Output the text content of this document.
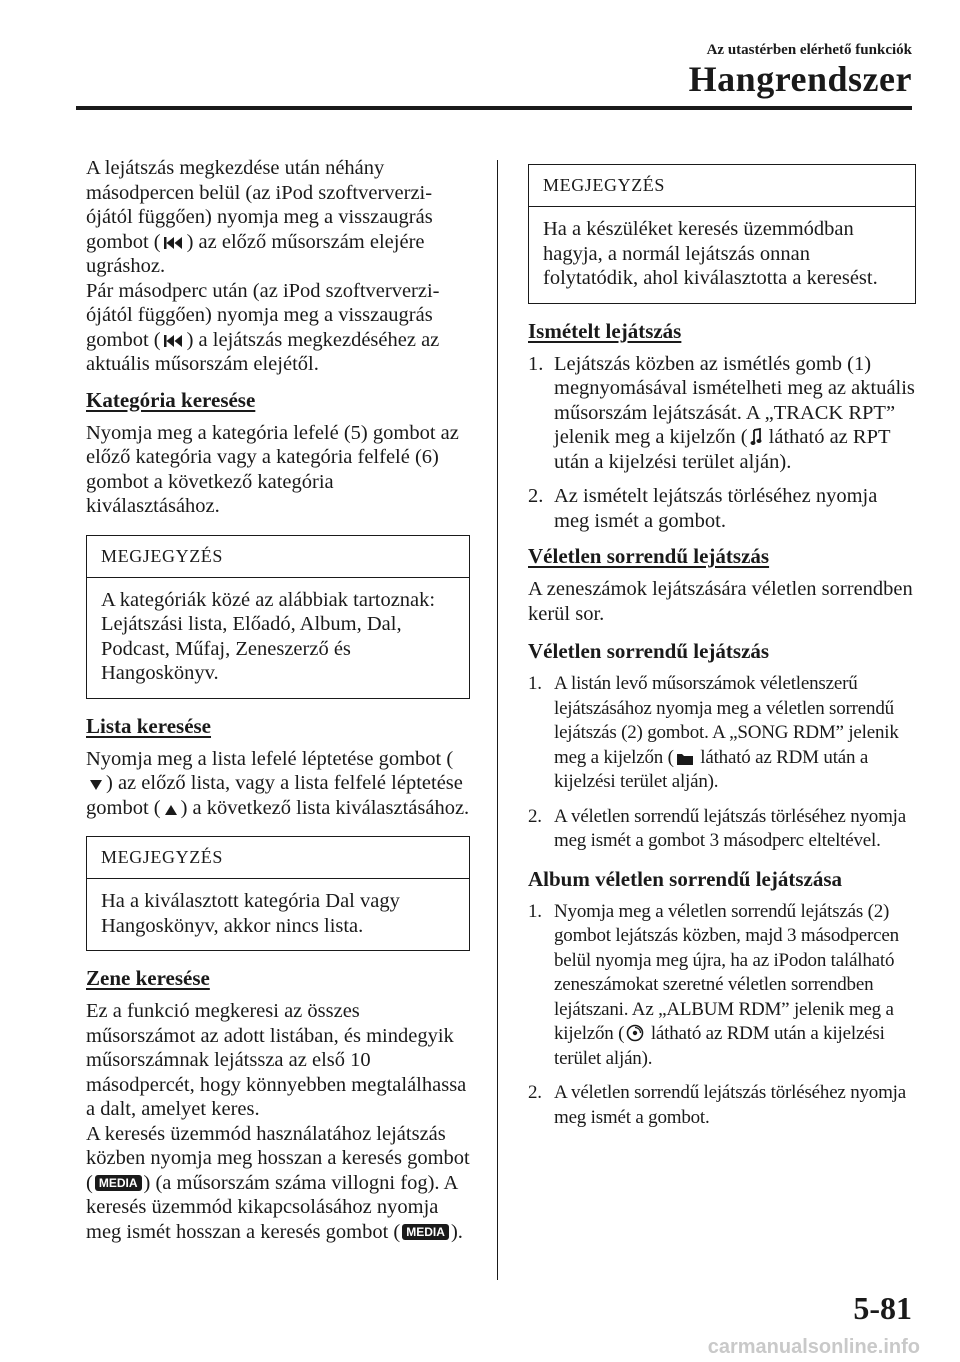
Az utastérben elérhető funkciók
Hangrendszer

A lejátszás megkezdése után néhány másodpercen belül (az iPod szoftververzi-ójától függően) nyomja meg a visszaugrás gombot ( ) az előző műsorszám elejére ugráshoz.

Pár másodperc után (az iPod szoftververzi-ójától függően) nyomja meg a visszaugrás gombot ( ) a lejátszás megkezdéséhez az aktuális műsorszám elejétől.

Kategória keresése

Nyomja meg a kategória lefelé (5) gombot az előző kategória vagy a kategória felfelé (6) gombot a következő kategória kiválasztásához.

MEGJEGYZÉS
A kategóriák közé az alábbiak tartoznak: Lejátszási lista, Előadó, Album, Dal, Podcast, Műfaj, Zeneszerző és Hangoskönyv.
Lista keresése

Nyomja meg a lista lefelé léptetése gombot () az előző lista, vagy a lista felfelé léptetése gombot ( ) a következő lista kiválasztásához.

MEGJEGYZÉS
Ha a kiválasztott kategória Dal vagy Hangoskönyv, akkor nincs lista.
Zene keresése

Ez a funkció megkeresi az összes műsorszámot az adott listában, és mindegyik műsorszámnak lejátssza az első 10 másodpercét, hogy könnyebben megtalálhassa a dalt, amelyet keres.

A keresés üzemmód használatához lejátszás közben nyomja meg hosszan a keresés gombot ( MEDIA ) (a műsorszám száma villogni fog). A keresés üzemmód kikapcsolásához nyomja meg ismét hosszan a keresés gombot ( MEDIA ).

MEGJEGYZÉS
Ha a készüléket keresés üzemmódban hagyja, a normál lejátszás onnan folytatódik, ahol kiválasztotta a keresést.
Ismételt lejátszás
1. Lejátszás közben az ismétlés gomb (1) megnyomásával ismételheti meg az aktuális műsorszám lejátszását. A „TRACK RPT” jelenik meg a kijelzőn ( látható az RPT után a kijelzési terület alján).
2. Az ismételt lejátszás törléséhez nyomja meg ismét a gombot.
Véletlen sorrendű lejátszás

A zeneszámok lejátszására véletlen sorrendben kerül sor.

Véletlen sorrendű lejátszás
1. A listán levő műsorszámok véletlenszerű lejátszásához nyomja meg a véletlen sorrendű lejátszás (2) gombot. A „SONG RDM” jelenik meg a kijelzőn ( látható az RDM után a kijelzési terület alján).
2. A véletlen sorrendű lejátszás törléséhez nyomja meg ismét a gombot 3 másodperc elteltével.
Album véletlen sorrendű lejátszása
1. Nyomja meg a véletlen sorrendű lejátszás (2) gombot lejátszás közben, majd 3 másodpercen belül nyomja meg újra, ha az iPodon található zeneszámokat szeretné véletlen sorrendben lejátszani. Az „ALBUM RDM” jelenik meg a kijelzőn ( látható az RDM után a kijelzési terület alján).
2. A véletlen sorrendű lejátszás törléséhez nyomja meg ismét a gombot.
5-81
carmanualsonline.info
